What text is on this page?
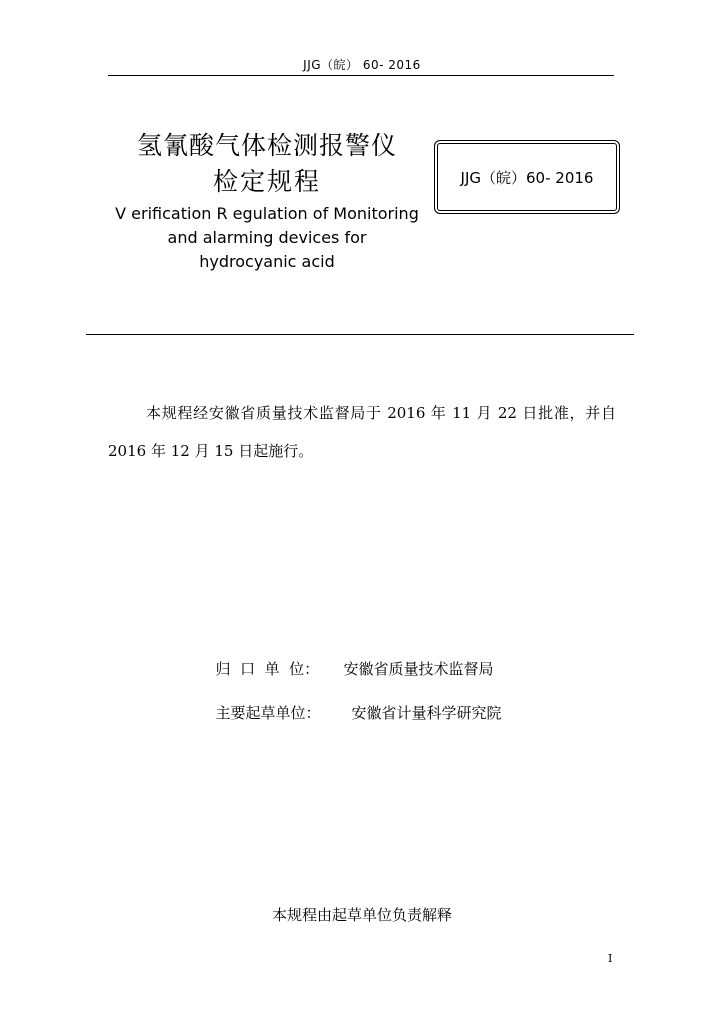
JJG（皖） 60- 2016
氢氰酸气体检测报警仪
检定规程
V erification R egulation of Monitoring
and alarming devices for
hydrocyanic acid
JJG（皖）60- 2016
本规程经安徽省质量技术监督局于 2016 年 11 月 22 日批准，并自 2016 年 12 月 15 日起施行。

归  口  单  位： 安徽省质量技术监督局

主要起草单位： 安徽省计量科学研究院

本规程由起草单位负责解释
I
